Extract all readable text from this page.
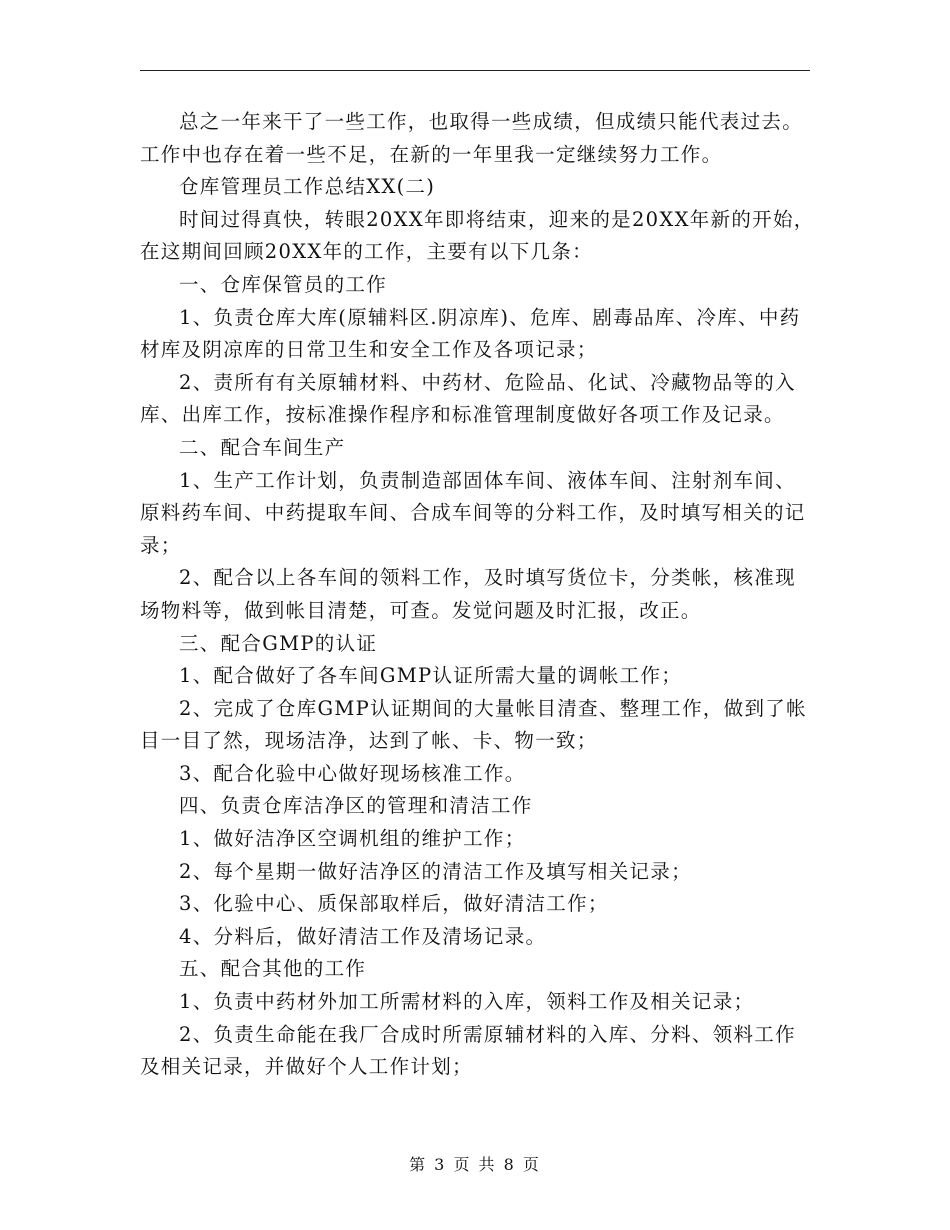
总之一年来干了一些工作，也取得一些成绩，但成绩只能代表过去。工作中也存在着一些不足，在新的一年里我一定继续努力工作。

仓库管理员工作总结XX(二)

时间过得真快，转眼20XX年即将结束，迎来的是20XX年新的开始，在这期间回顾20XX年的工作，主要有以下几条：

一、仓库保管员的工作

1、负责仓库大库(原辅料区.阴凉库)、危库、剧毒品库、冷库、中药材库及阴凉库的日常卫生和安全工作及各项记录；

2、责所有有关原辅材料、中药材、危险品、化试、冷藏物品等的入库、出库工作，按标准操作程序和标准管理制度做好各项工作及记录。

二、配合车间生产

1、生产工作计划，负责制造部固体车间、液体车间、注射剂车间、原料药车间、中药提取车间、合成车间等的分料工作，及时填写相关的记录；

2、配合以上各车间的领料工作，及时填写货位卡，分类帐，核准现场物料等，做到帐目清楚，可查。发觉问题及时汇报，改正。

三、配合GMP的认证

1、配合做好了各车间GMP认证所需大量的调帐工作；

2、完成了仓库GMP认证期间的大量帐目清查、整理工作，做到了帐目一目了然，现场洁净，达到了帐、卡、物一致；

3、配合化验中心做好现场核准工作。

四、负责仓库洁净区的管理和清洁工作

1、做好洁净区空调机组的维护工作；

2、每个星期一做好洁净区的清洁工作及填写相关记录；

3、化验中心、质保部取样后，做好清洁工作；

4、分料后，做好清洁工作及清场记录。

五、配合其他的工作

1、负责中药材外加工所需材料的入库，领料工作及相关记录；

2、负责生命能在我厂合成时所需原辅材料的入库、分料、领料工作及相关记录，并做好个人工作计划；

第 3 页 共 8 页
